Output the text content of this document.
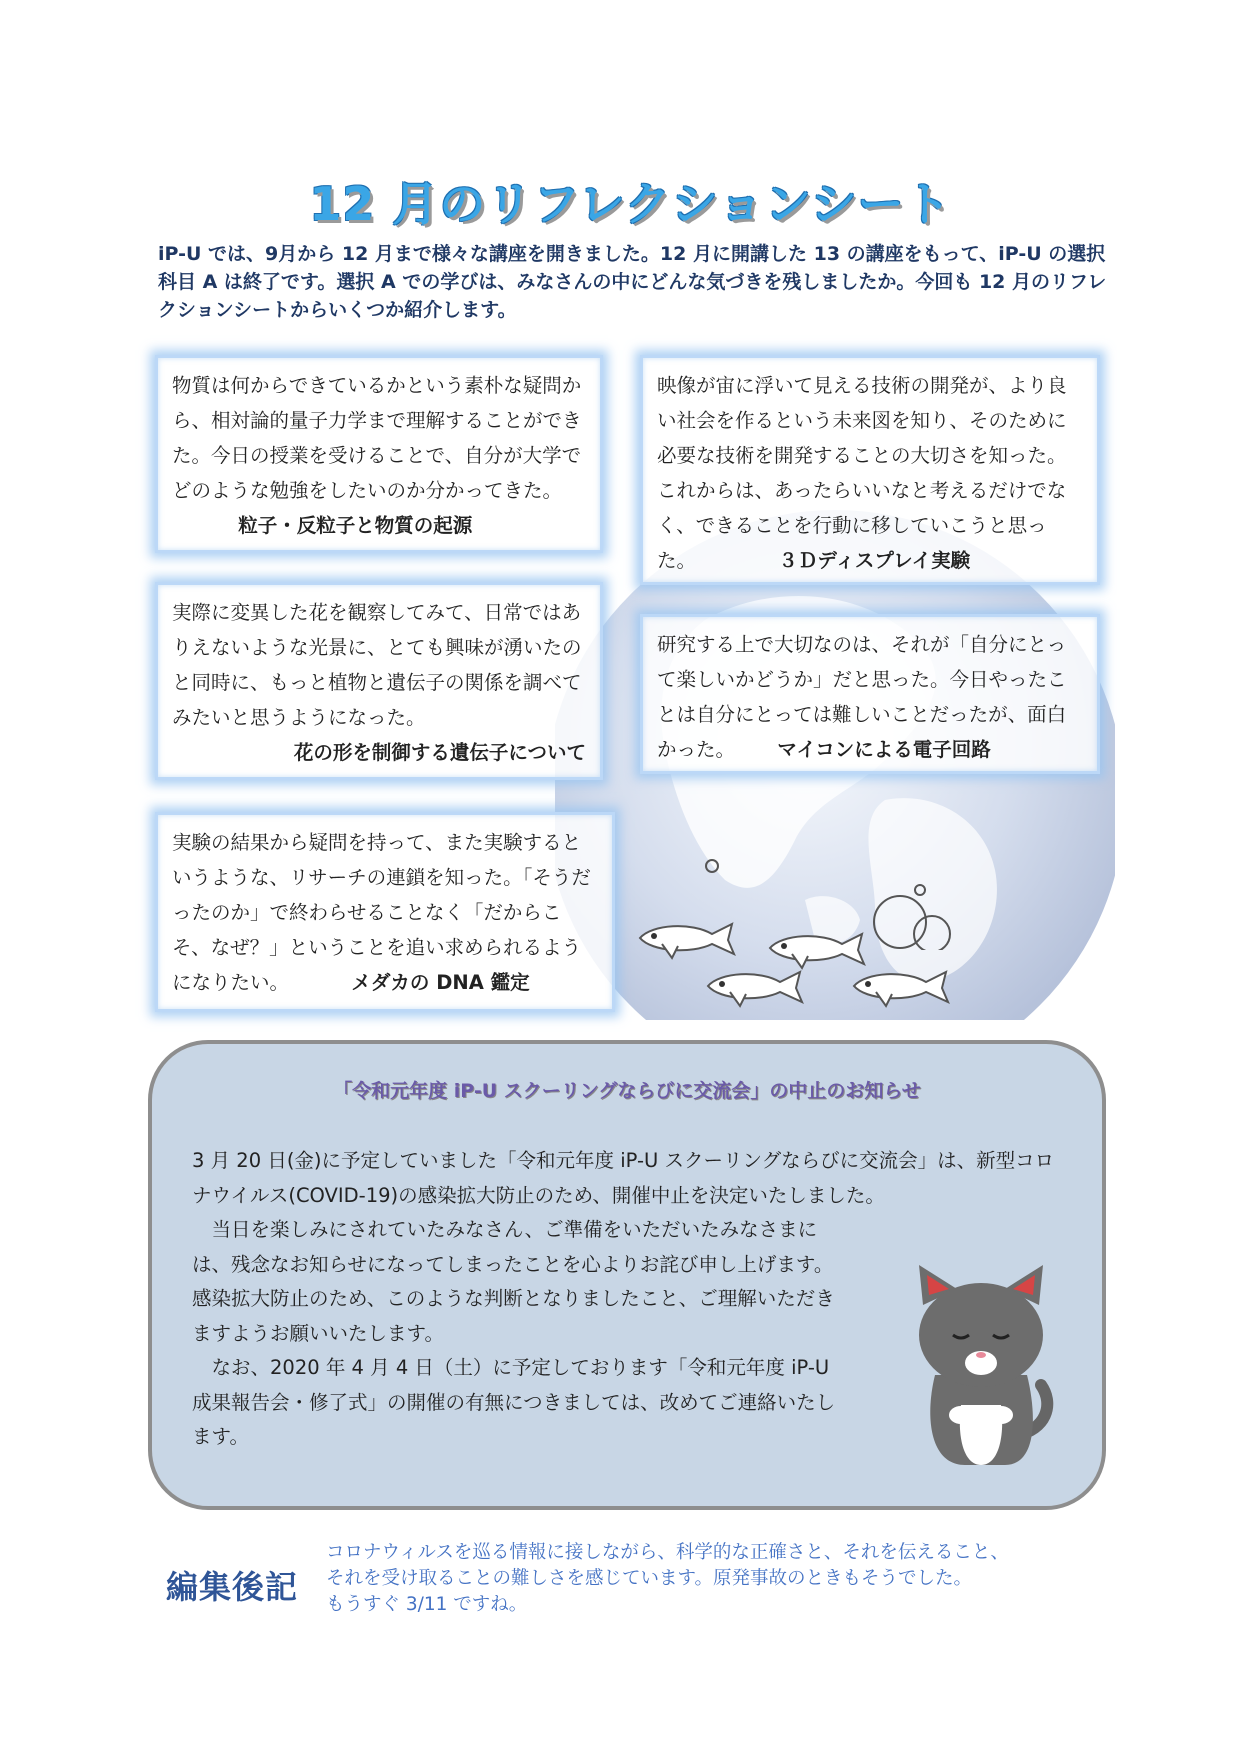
12 月のリフレクションシート
iP-U では、9月から 12 月まで様々な講座を開きました。12 月に開講した 13 の講座をもって、iP-U の選択科目 A は終了です。選択 A での学びは、みなさんの中にどんな気づきを残しましたか。今回も 12 月のリフレクションシートからいくつか紹介します。
物質は何からできているかという素朴な疑問から、相対論的量子力学まで理解することができた。今日の授業を受けることで、自分が大学でどのような勉強をしたいのか分かってきた。  粒子・反粒子と物質の起源
映像が宙に浮いて見える技術の開発が、より良い社会を作るという未来図を知り、そのために必要な技術を開発することの大切さを知った。これからは、あったらいいなと考えるだけでなく、できることを行動に移していこうと思った。	３Ｄディスプレイ実験
実際に変異した花を観察してみて、日常ではありえないような光景に、とても興味が湧いたのと同時に、もっと植物と遺伝子の関係を調べてみたいと思うようになった。
花の形を制御する遺伝子について
研究する上で大切なのは、それが「自分にとって楽しいかどうか」だと思った。今日やったことは自分にとっては難しいことだったが、面白かった。 マイコンによる電子回路
実験の結果から疑問を持って、また実験するというような、リサーチの連鎖を知った。「そうだったのか」で終わらせることなく「だからこそ、なぜ？」ということを追い求められるようになりたい。	メダカの DNA 鑑定
「令和元年度 iP-U スクーリングならびに交流会」の中止のお知らせ

3 月 20 日(金)に予定していました「令和元年度 iP-U スクーリングならびに交流会」は、新型コロナウイルス(COVID-19)の感染拡大防止のため、開催中止を決定いたしました。

当日を楽しみにされていたみなさん、ご準備をいただいたみなさまには、残念なお知らせになってしまったことを心よりお詫び申し上げます。感染拡大防止のため、このような判断となりましたこと、ご理解いただきますようお願いいたします。

なお、2020 年 4 月 4 日（土）に予定しております「令和元年度 iP-U 成果報告会・修了式」の開催の有無につきましては、改めてご連絡いたします。

編集後記
コロナウィルスを巡る情報に接しながら、科学的な正確さと、それを伝えること、
それを受け取ることの難しさを感じています。原発事故のときもそうでした。
もうすぐ 3/11 ですね。
